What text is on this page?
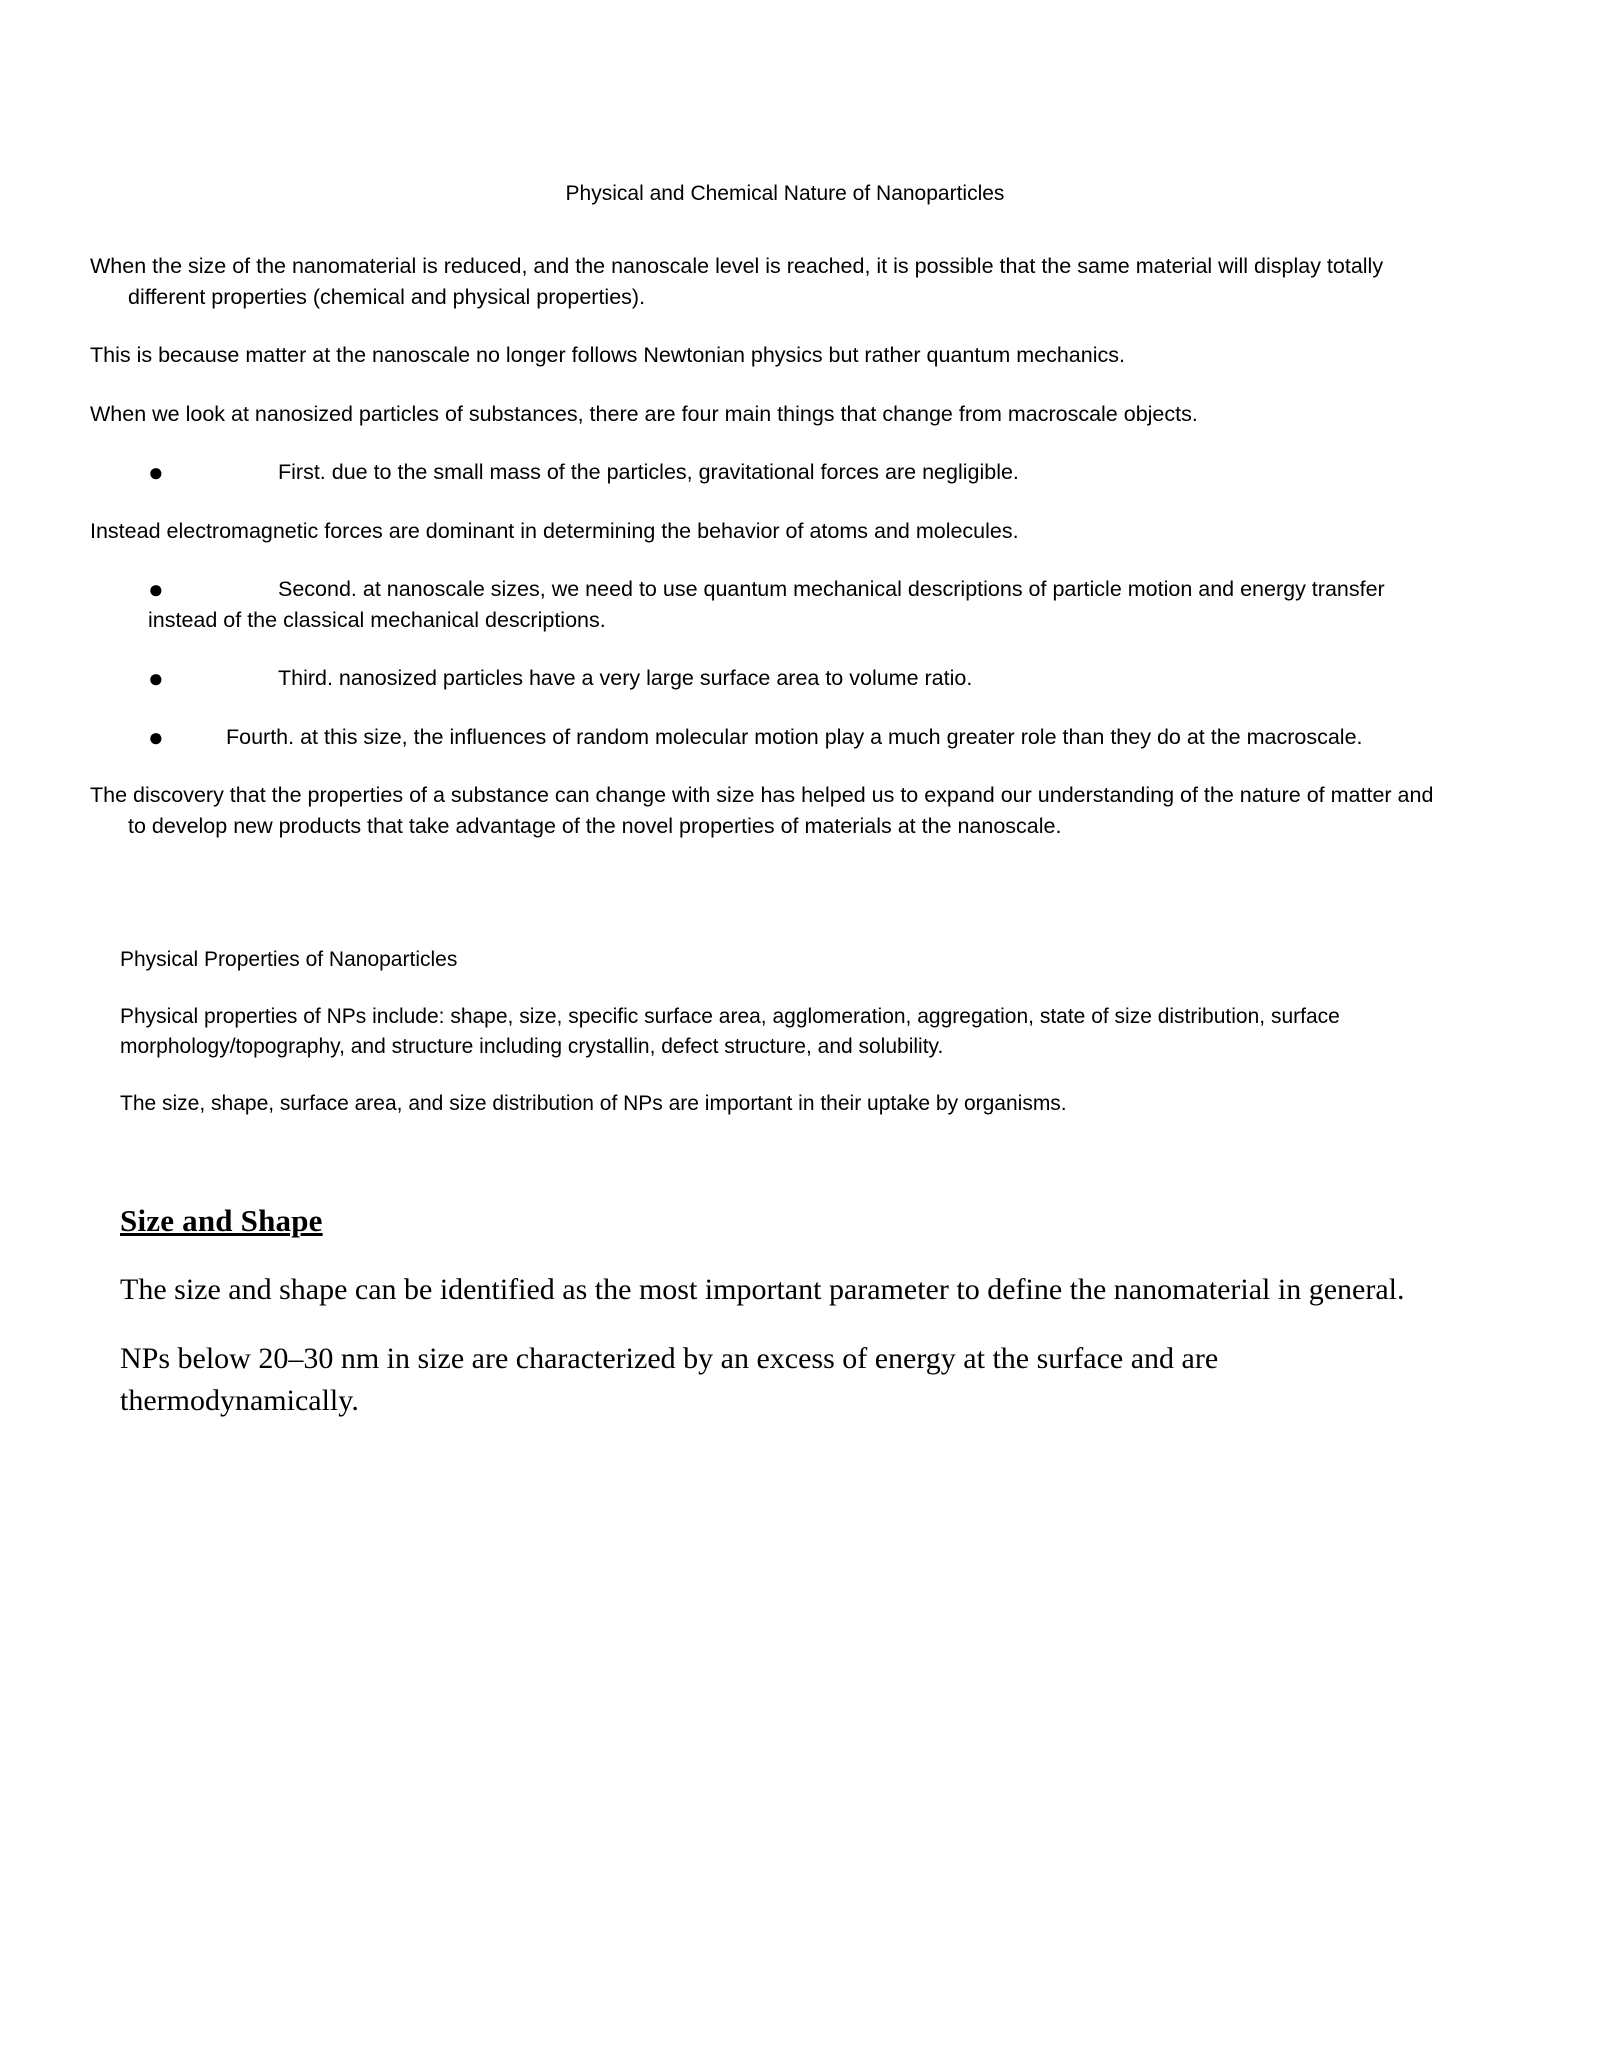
Physical and Chemical Nature of Nanoparticles

When the size of the nanomaterial is reduced, and the nanoscale level is reached, it is possible that the same material will display totally different properties (chemical and physical properties).

This is because matter at the nanoscale no longer follows Newtonian physics but rather quantum mechanics.

When we look at nanosized particles of substances, there are four main things that change from macroscale objects.

●	First. due to the small mass of the particles, gravitational forces are negligible.

Instead electromagnetic forces are dominant in determining the behavior of atoms and molecules.

●	Second. at nanoscale sizes, we need to use quantum mechanical descriptions of particle motion and energy transfer instead of the classical mechanical descriptions.
●	Third. nanosized particles have a very large surface area to volume ratio.
●	Fourth. at this size, the influences of random molecular motion play a much greater role than they do at the macroscale.

The discovery that the properties of a substance can change with size has helped us to expand our understanding of the nature of matter and to develop new products that take advantage of the novel properties of materials at the nanoscale.

Physical Properties of Nanoparticles

Physical properties of NPs include: shape, size, specific surface area, agglomeration, aggregation, state of size distribution, surface morphology/topography, and structure including crystallin, defect structure, and solubility.

The size, shape, surface area, and size distribution of NPs are important in their uptake by organisms.

Size and Shape

The size and shape can be identified as the most important parameter to define the nanomaterial in general.

NPs below 20–30 nm in size are characterized by an excess of energy at the surface and are thermodynamically.
